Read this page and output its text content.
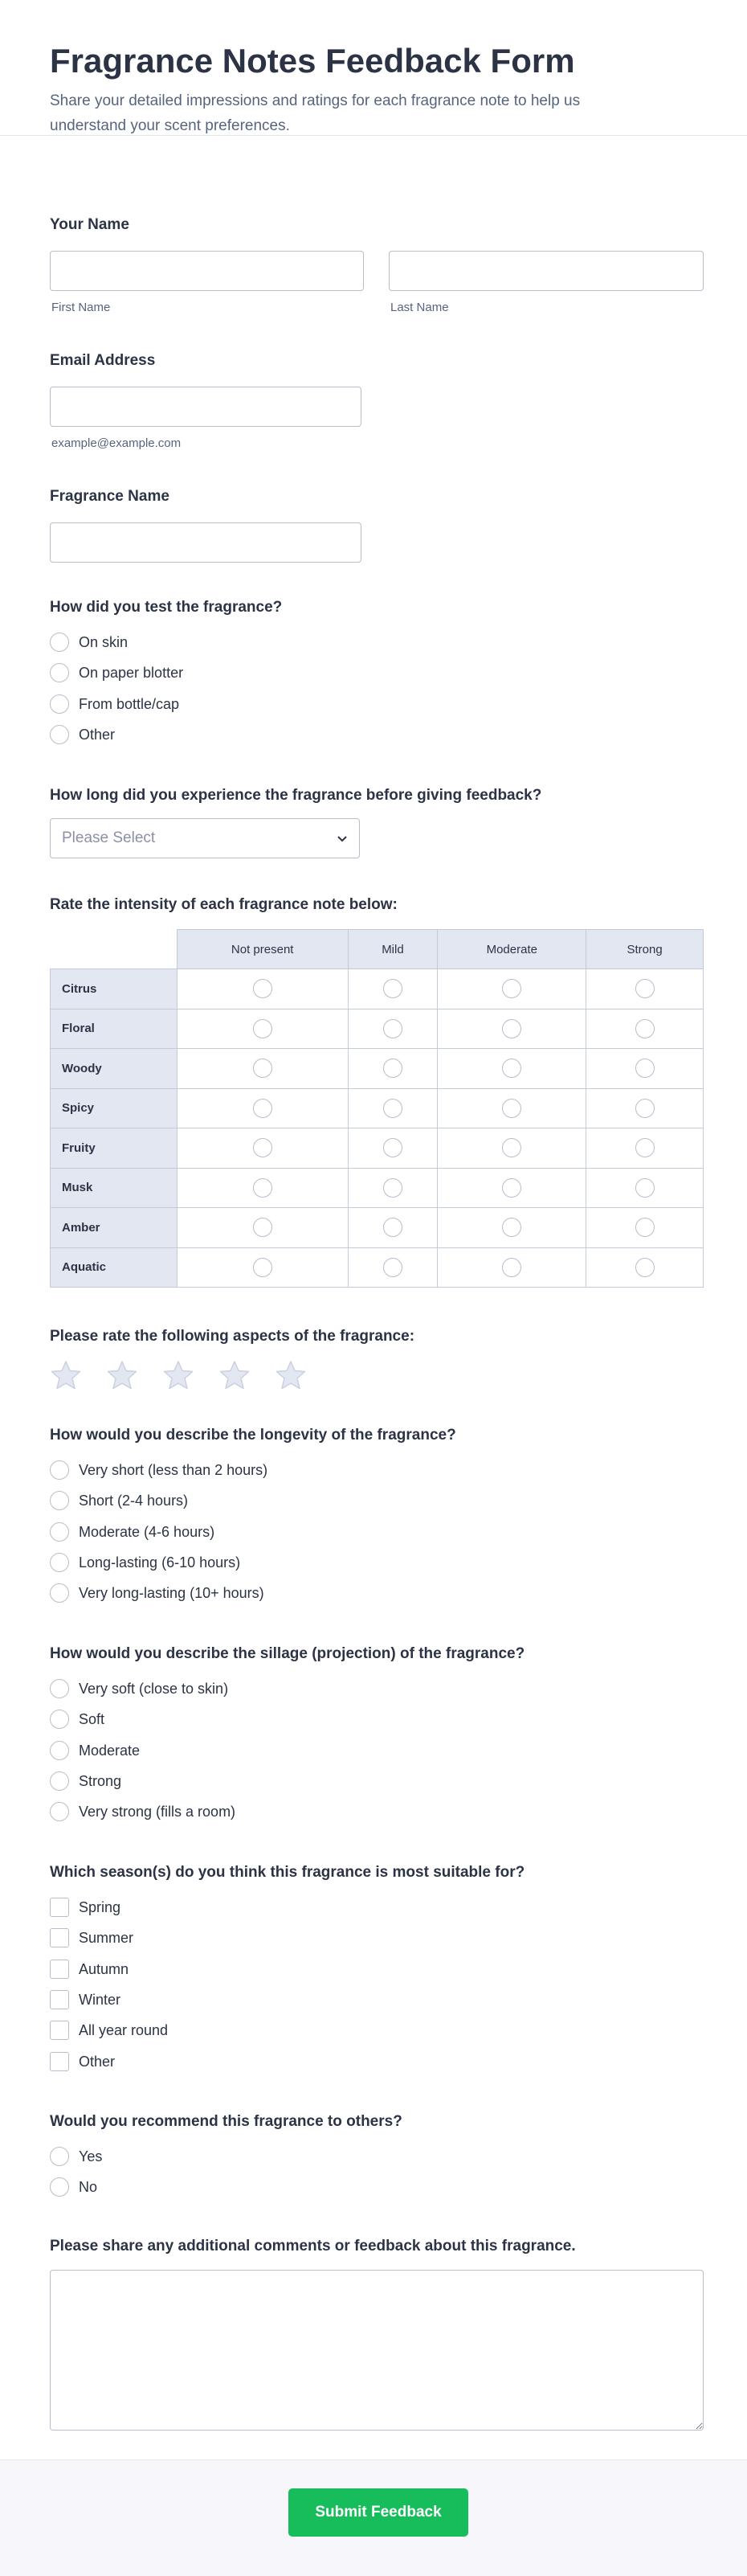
Fragrance Notes Feedback Form
Share your detailed impressions and ratings for each fragrance note to help us understand your scent preferences.
Your Name
First Name	Last Name
Email Address
example@example.com
Fragrance Name
How did you test the fragrance?
On skin
On paper blotter
From bottle/cap
Other
How long did you experience the fragrance before giving feedback?
Please Select
Rate the intensity of each fragrance note below:
	Not present	Mild	Moderate	Strong
Citrus				
Floral				
Woody				
Spicy				
Fruity				
Musk				
Amber				
Aquatic				
Please rate the following aspects of the fragrance:
How would you describe the longevity of the fragrance?
Very short (less than 2 hours)
Short (2-4 hours)
Moderate (4-6 hours)
Long-lasting (6-10 hours)
Very long-lasting (10+ hours)
How would you describe the sillage (projection) of the fragrance?
Very soft (close to skin)
Soft
Moderate
Strong
Very strong (fills a room)
Which season(s) do you think this fragrance is most suitable for?
Spring
Summer
Autumn
Winter
All year round
Other
Would you recommend this fragrance to others?
Yes
No
Please share any additional comments or feedback about this fragrance.
Submit Feedback
